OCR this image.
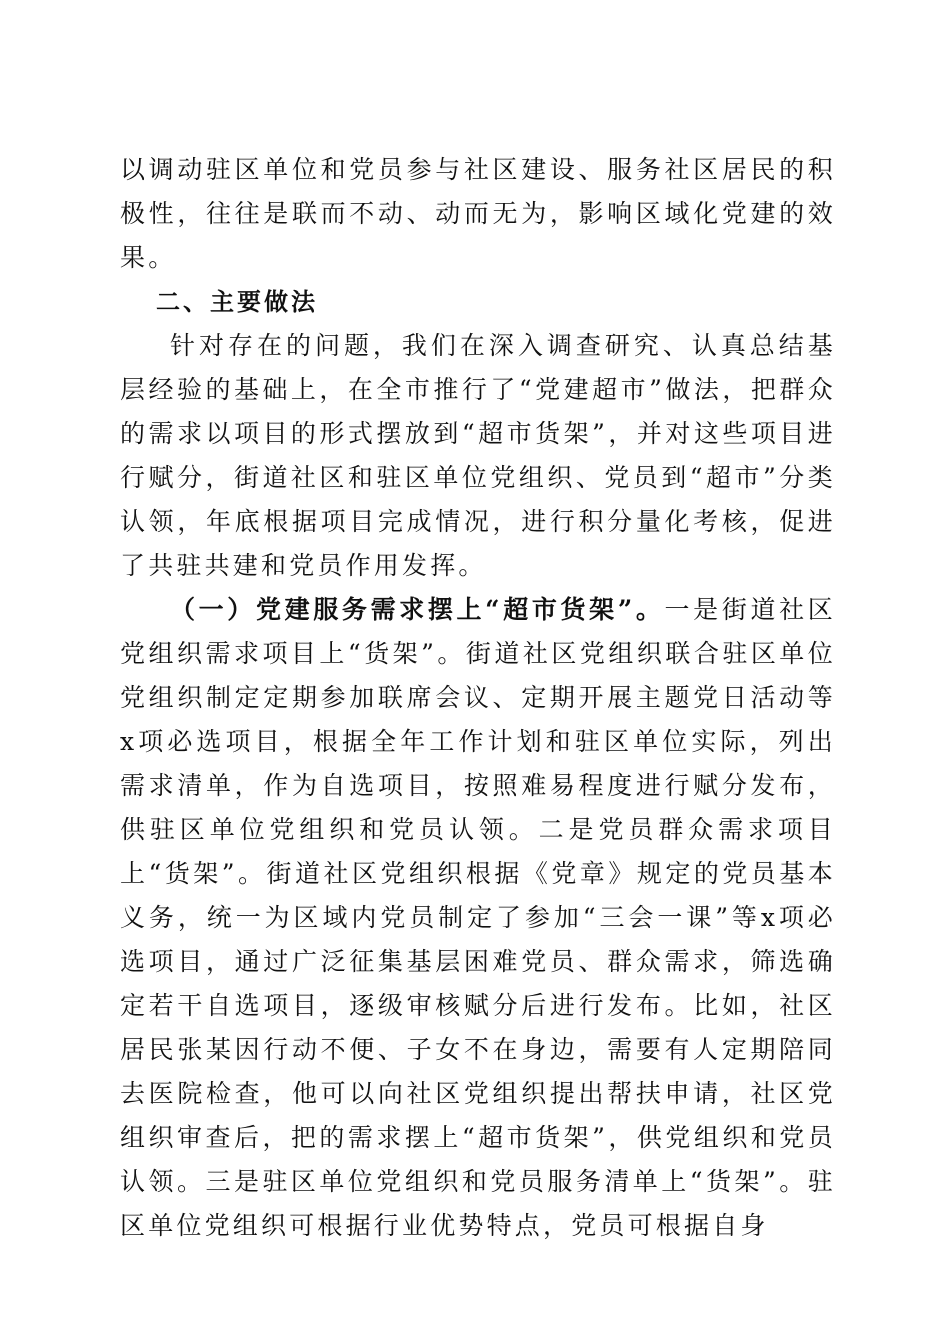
以调动驻区单位和党员参与社区建设、服务社区居民的积极性，往往是联而不动、动而无为，影响区域化党建的效果。

二、主要做法

针对存在的问题，我们在深入调查研究、认真总结基层经验的基础上，在全市推行了“党建超市”做法，把群众的需求以项目的形式摆放到“超市货架”，并对这些项目进行赋分，街道社区和驻区单位党组织、党员到“超市”分类认领，年底根据项目完成情况，进行积分量化考核，促进了共驻共建和党员作用发挥。

（一）党建服务需求摆上“超市货架”。一是街道社区党组织需求项目上“货架”。街道社区党组织联合驻区单位党组织制定定期参加联席会议、定期开展主题党日活动等x项必选项目，根据全年工作计划和驻区单位实际，列出需求清单，作为自选项目，按照难易程度进行赋分发布，供驻区单位党组织和党员认领。二是党员群众需求项目上“货架”。街道社区党组织根据《党章》规定的党员基本义务，统一为区域内党员制定了参加“三会一课”等x项必选项目，通过广泛征集基层困难党员、群众需求，筛选确定若干自选项目，逐级审核赋分后进行发布。比如，社区居民张某因行动不便、子女不在身边，需要有人定期陪同去医院检查，他可以向社区党组织提出帮扶申请，社区党组织审查后，把的需求摆上“超市货架”，供党组织和党员认领。三是驻区单位党组织和党员服务清单上“货架”。驻区单位党组织可根据行业优势特点，党员可根据自身
